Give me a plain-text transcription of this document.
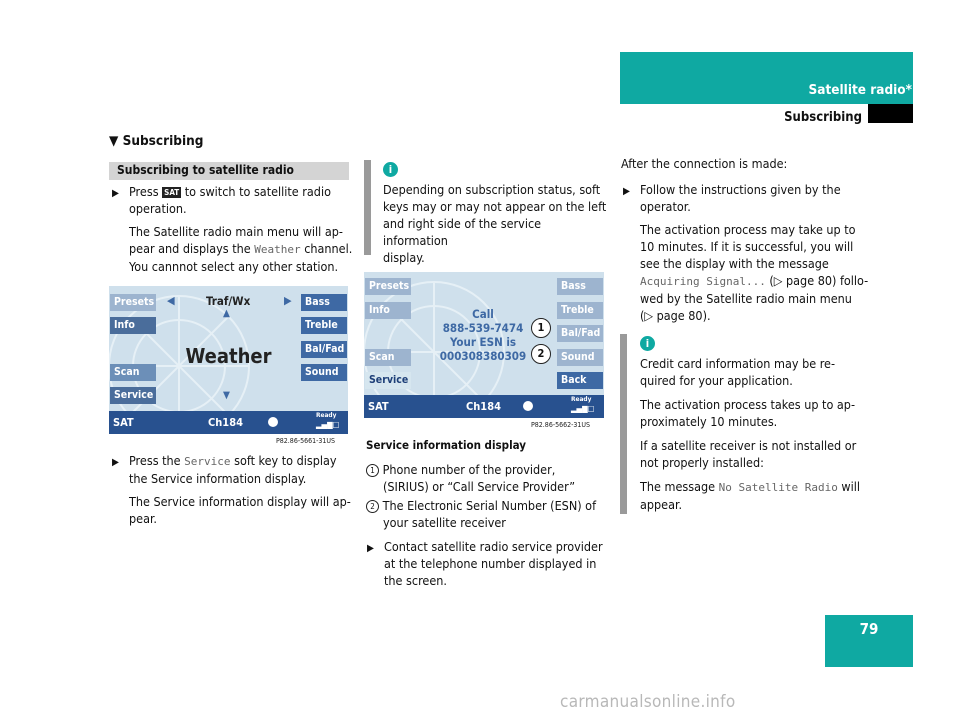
Satellite radio*
Subscribing
▼ Subscribing
Subscribing to satellite radio
▶ Press SAT to switch to satellite radio
operation.
The Satellite radio main menu will ap-
pear and displays the Weather channel.
You cannnot select any other station.
Presets
Info
Scan
Service
Bass
Treble
Bal/Fad
Sound
◀	Traf/Wx	▶
▲
Weather
▼
SAT	Ch184
Ready
▂▄▆□
P82.86-5661-31US
▶ Press the Service soft key to display
the Service information display.
The Service information display will ap-
pear.
i
Depending on subscription status, soft
keys may or may not appear on the left
and right side of the service information
display.
Presets
Info
Scan
Service
Bass
Treble
Bal/Fad
Sound
Back
Call
888-539-7474
Your ESN is
000308380309
1
2
SAT	Ch184
Ready
▂▄▆□
P82.86-5662-31US
Service information display
1 Phone number of the provider,
(SIRIUS) or “Call Service Provider”
2 The Electronic Serial Number (ESN) of
your satellite receiver
▶ Contact satellite radio service provider
at the telephone number displayed in
the screen.
After the connection is made:
▶ Follow the instructions given by the
operator.
The activation process may take up to
10 minutes. If it is successful, you will
see the display with the message
Acquiring Signal... (▷ page 80) follo-
wed by the Satellite radio main menu
(▷ page 80).
i
Credit card information may be re-
quired for your application.
The activation process takes up to ap-
proximately 10 minutes.
If a satellite receiver is not installed or
not properly installed:
The message No Satellite Radio will
appear.
79
carmanualsonline.info
